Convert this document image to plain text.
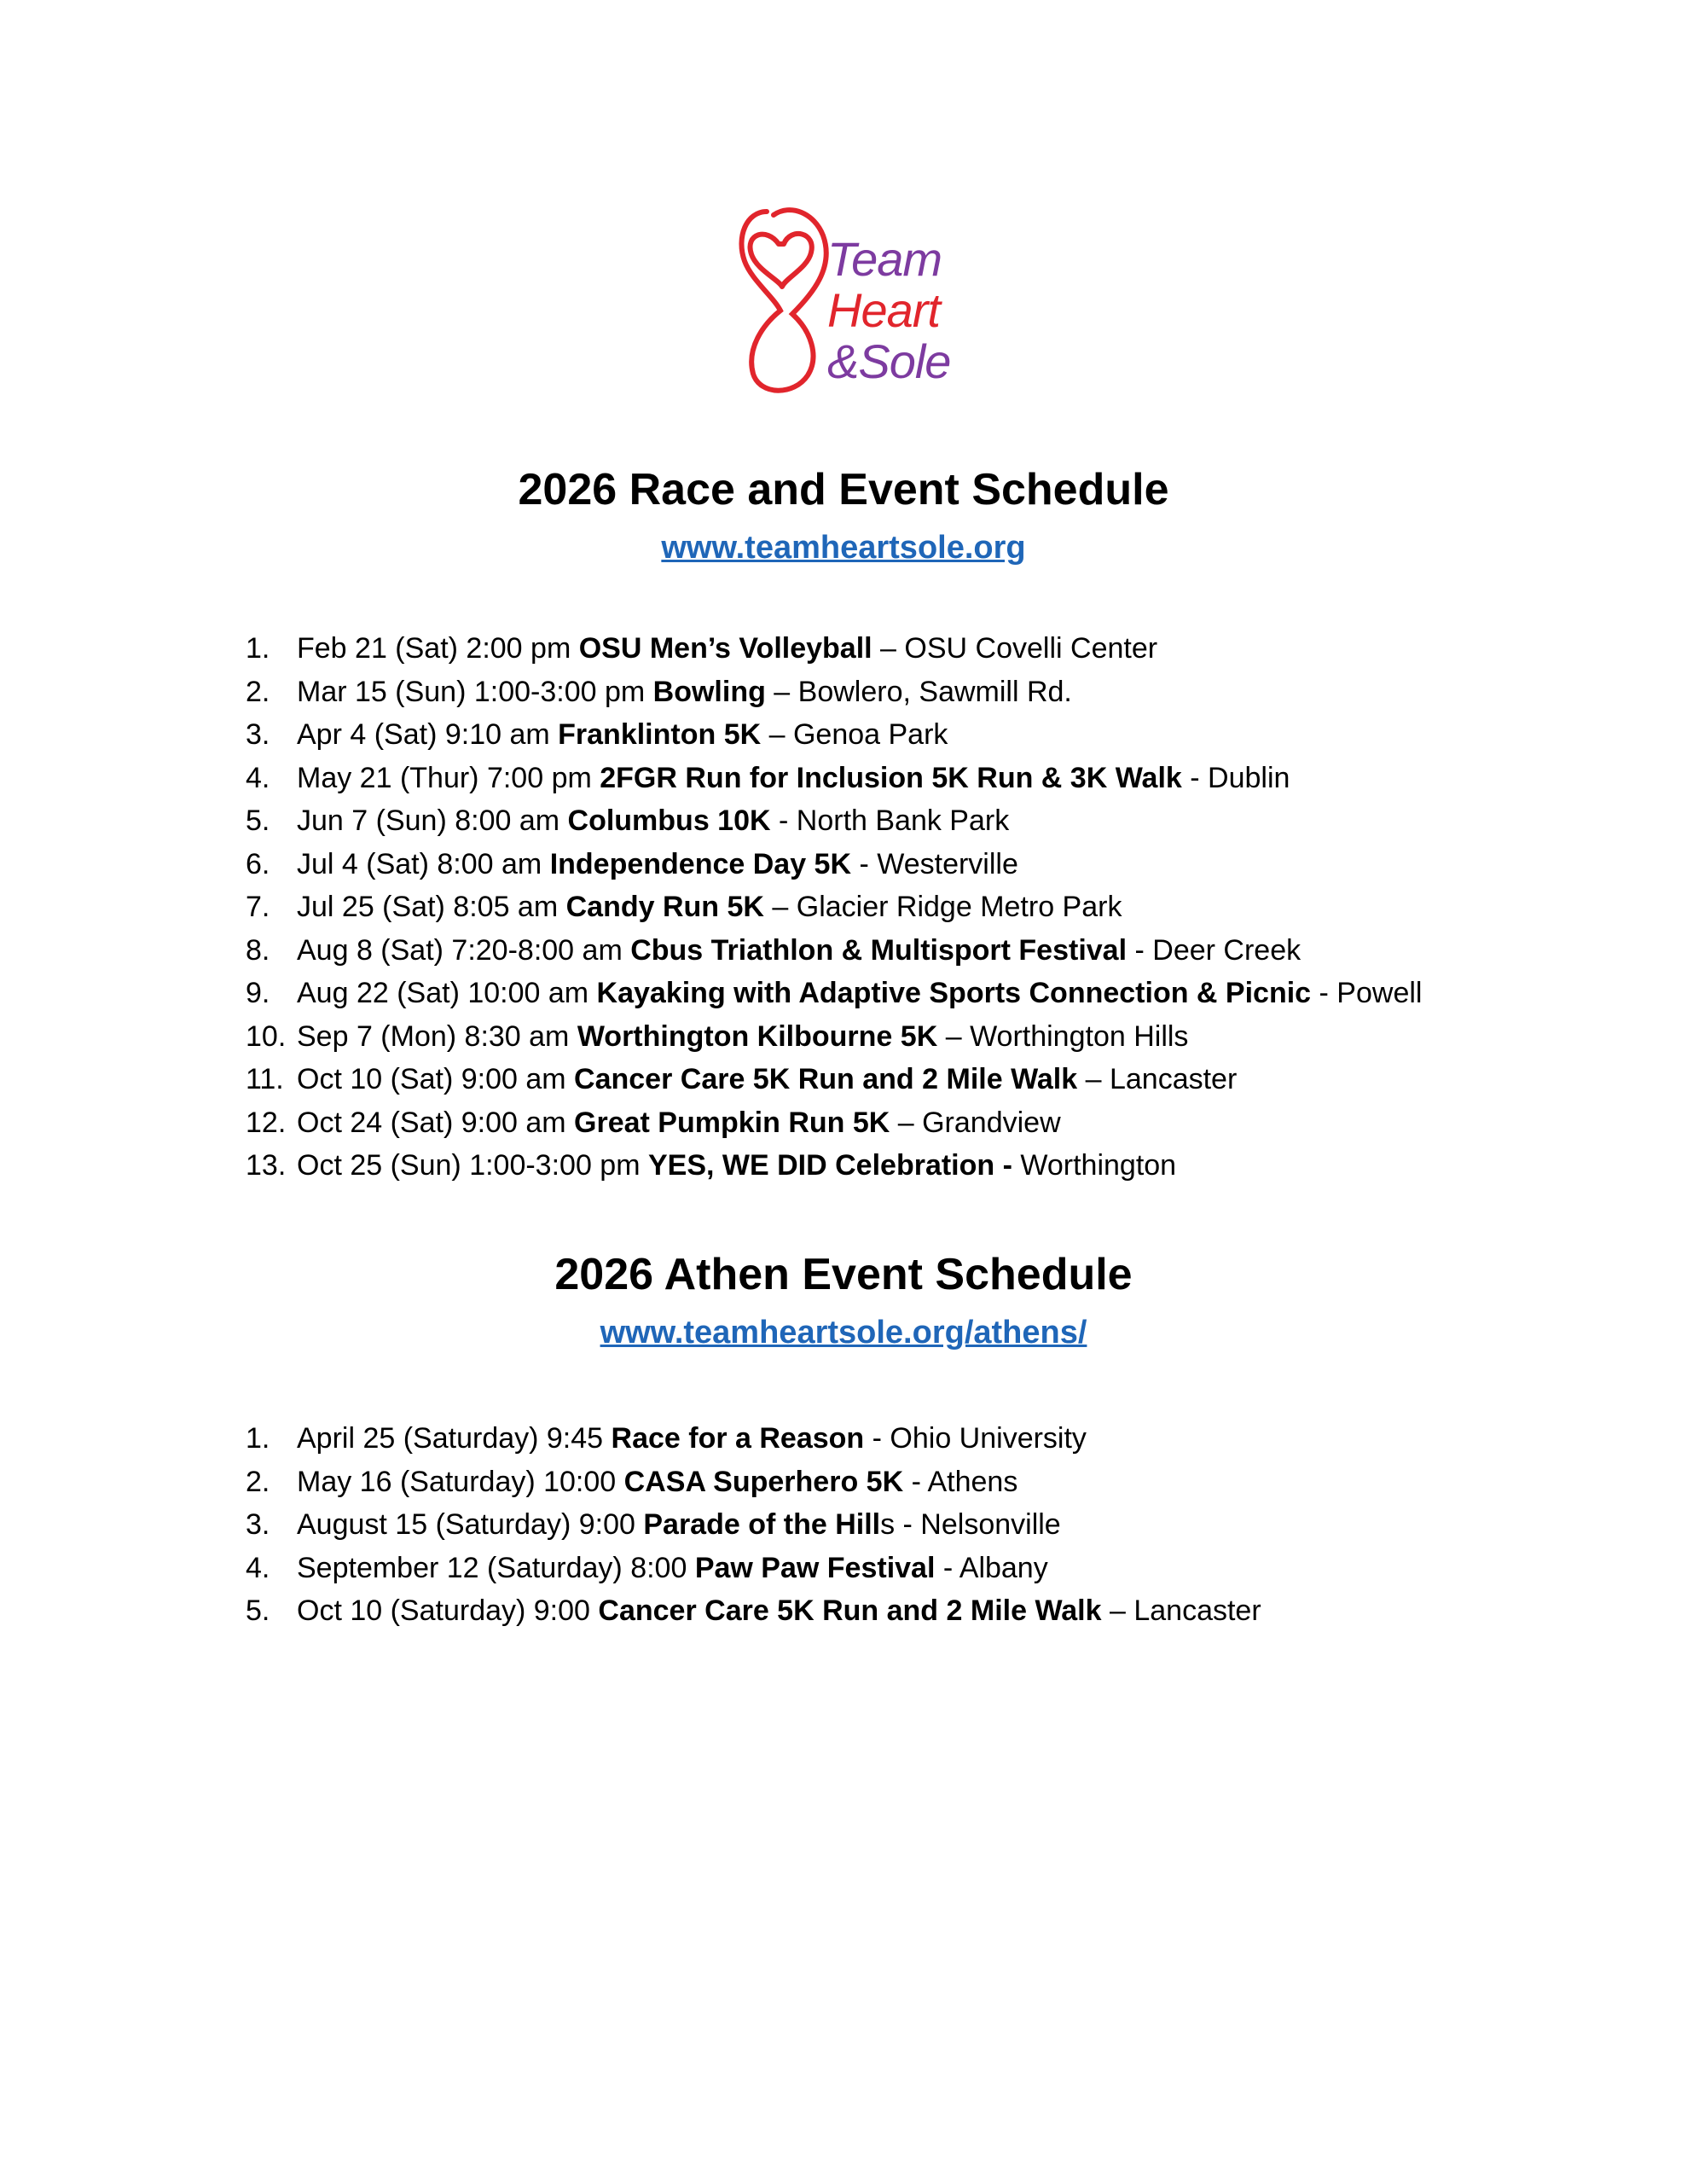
Team
Heart
&Sole
2026 Race and Event Schedule
www.teamheartsole.org
1. Feb 21 (Sat) 2:00 pm OSU Men’s Volleyball – OSU Covelli Center
2. Mar 15 (Sun) 1:00-3:00 pm Bowling – Bowlero, Sawmill Rd.
3. Apr 4 (Sat) 9:10 am Franklinton 5K – Genoa Park
4. May 21 (Thur) 7:00 pm 2FGR Run for Inclusion 5K Run & 3K Walk - Dublin
5. Jun 7 (Sun) 8:00 am Columbus 10K - North Bank Park
6. Jul 4 (Sat) 8:00 am Independence Day 5K - Westerville
7. Jul 25 (Sat) 8:05 am Candy Run 5K – Glacier Ridge Metro Park
8. Aug 8 (Sat) 7:20-8:00 am Cbus Triathlon & Multisport Festival - Deer Creek
9. Aug 22 (Sat) 10:00 am Kayaking with Adaptive Sports Connection & Picnic - Powell
10. Sep 7 (Mon) 8:30 am Worthington Kilbourne 5K – Worthington Hills
11. Oct 10 (Sat) 9:00 am Cancer Care 5K Run and 2 Mile Walk – Lancaster
12. Oct 24 (Sat) 9:00 am Great Pumpkin Run 5K – Grandview
13. Oct 25 (Sun) 1:00-3:00 pm YES, WE DID Celebration - Worthington
2026 Athen Event Schedule
www.teamheartsole.org/athens/
1. April 25 (Saturday) 9:45 Race for a Reason - Ohio University
2. May 16 (Saturday) 10:00 CASA Superhero 5K - Athens
3. August 15 (Saturday) 9:00 Parade of the Hills - Nelsonville
4. September 12 (Saturday) 8:00 Paw Paw Festival - Albany
5. Oct 10 (Saturday) 9:00 Cancer Care 5K Run and 2 Mile Walk – Lancaster
